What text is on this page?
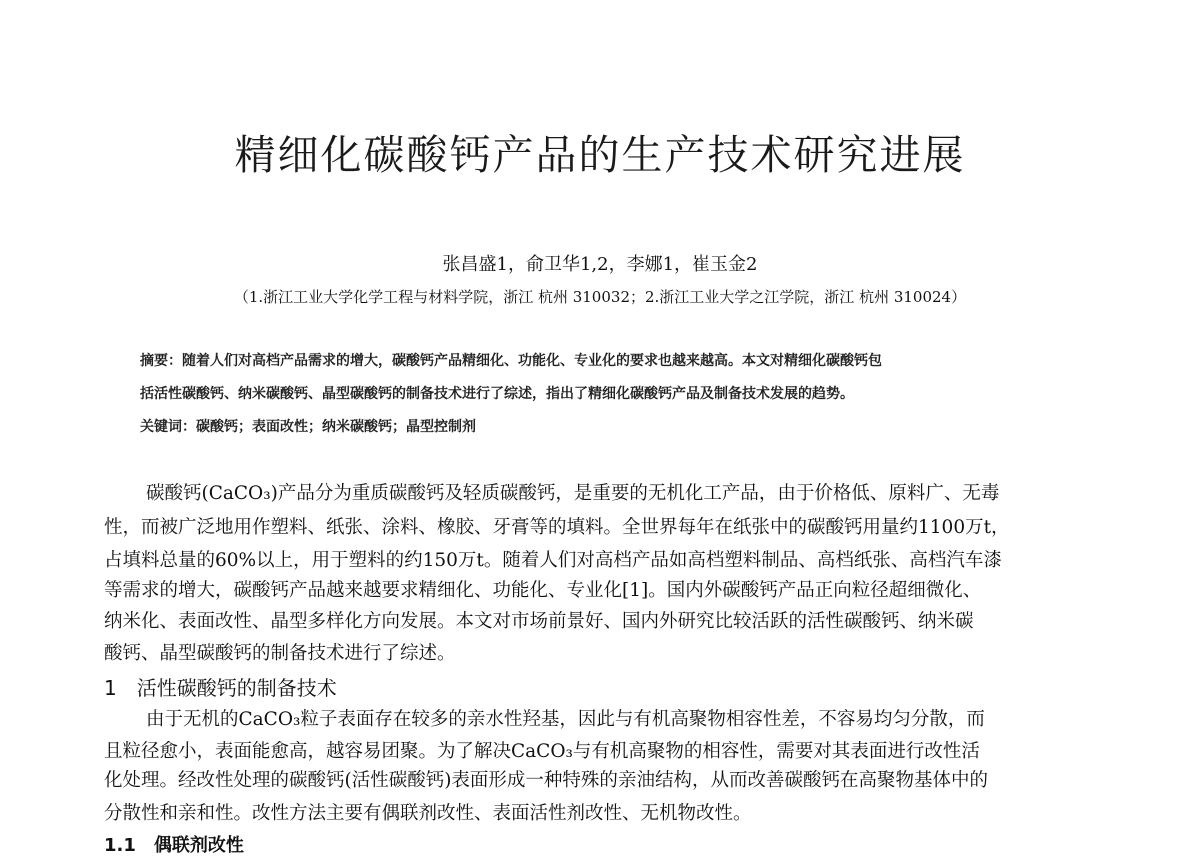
精细化碳酸钙产品的生产技术研究进展
张昌盛1，俞卫华1,2，李娜1，崔玉金2
（1.浙江工业大学化学工程与材料学院，浙江 杭州 310032；2.浙江工业大学之江学院，浙江 杭州 310024）
摘要：随着人们对高档产品需求的增大，碳酸钙产品精细化、功能化、专业化的要求也越来越高。本文对精细化碳酸钙包
括活性碳酸钙、纳米碳酸钙、晶型碳酸钙的制备技术进行了综述，指出了精细化碳酸钙产品及制备技术发展的趋势。
关键词：碳酸钙；表面改性；纳米碳酸钙；晶型控制剂
碳酸钙(CaCO₃)产品分为重质碳酸钙及轻质碳酸钙，是重要的无机化工产品，由于价格低、原料广、无毒
性，而被广泛地用作塑料、纸张、涂料、橡胶、牙膏等的填料。全世界每年在纸张中的碳酸钙用量约1100万t，
占填料总量的60%以上，用于塑料的约150万t。随着人们对高档产品如高档塑料制品、高档纸张、高档汽车漆
等需求的增大，碳酸钙产品越来越要求精细化、功能化、专业化[1]。国内外碳酸钙产品正向粒径超细微化、
纳米化、表面改性、晶型多样化方向发展。本文对市场前景好、国内外研究比较活跃的活性碳酸钙、纳米碳
酸钙、晶型碳酸钙的制备技术进行了综述。
1　活性碳酸钙的制备技术
由于无机的CaCO₃粒子表面存在较多的亲水性羟基，因此与有机高聚物相容性差，不容易均匀分散，而
且粒径愈小，表面能愈高，越容易团聚。为了解决CaCO₃与有机高聚物的相容性，需要对其表面进行改性活
化处理。经改性处理的碳酸钙(活性碳酸钙)表面形成一种特殊的亲油结构，从而改善碳酸钙在高聚物基体中的
分散性和亲和性。改性方法主要有偶联剂改性、表面活性剂改性、无机物改性。
1.1　偶联剂改性
